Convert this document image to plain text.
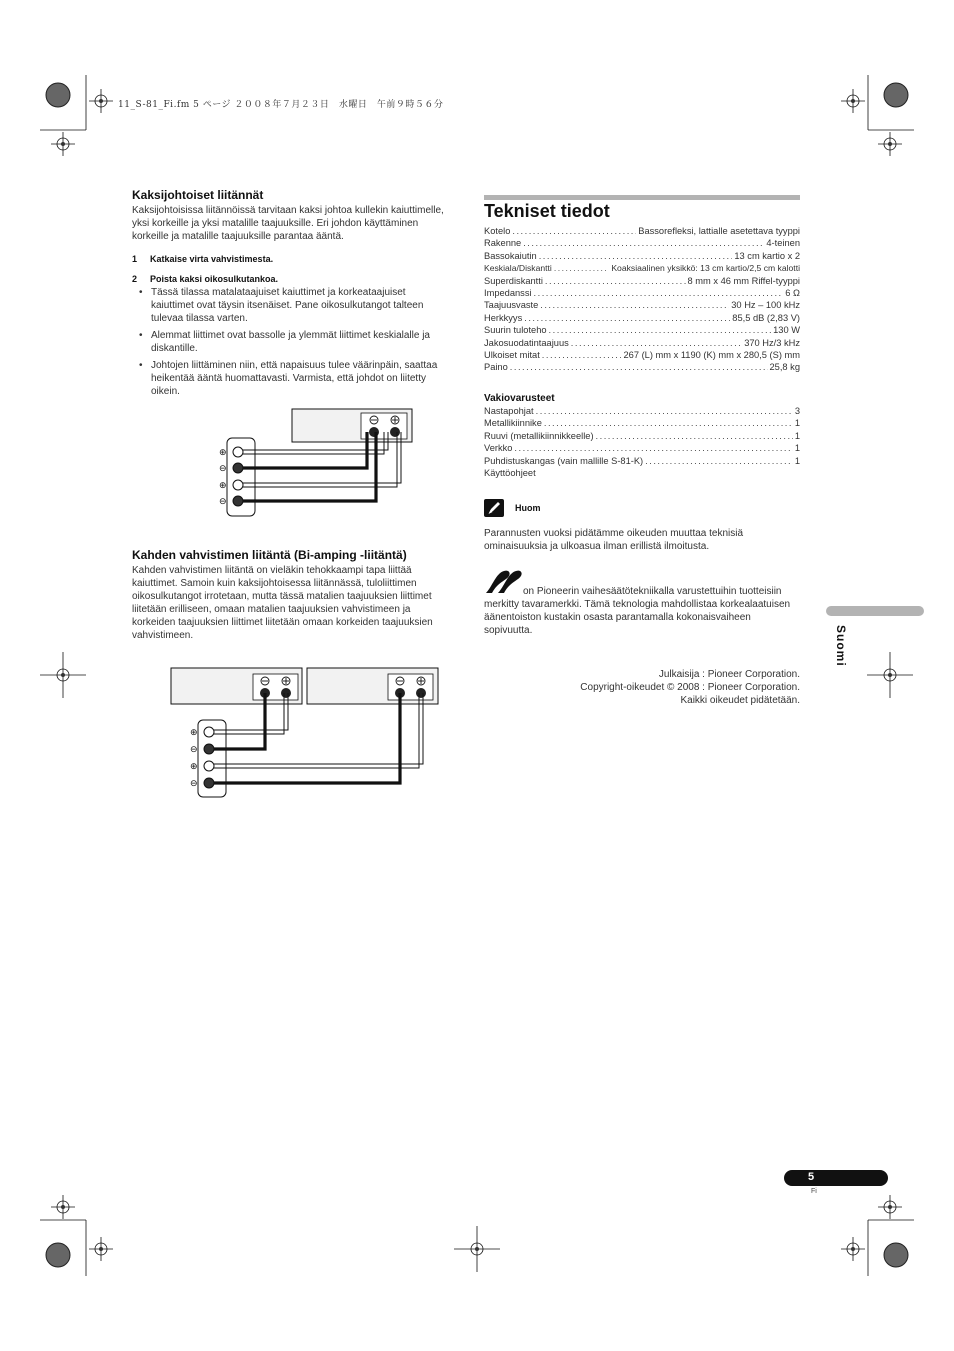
11_S-81_Fi.fm 5 ページ ２００８年７月２３日　水曜日　午前９時５６分
Kaksijohtoiset liitännät

Kaksijohtoisissa liitännöissä tarvitaan kaksi johtoa kullekin kaiuttimelle, yksi korkeille ja yksi matalille taajuuksille. Eri johdon käyttäminen korkeille ja matalille taajuuksille parantaa ääntä.

1 Katkaise virta vahvistimesta.
2 Poista kaksi oikosulkutankoa.
• Tässä tilassa matalataajuiset kaiuttimet ja korkeataajuiset kaiuttimet ovat täysin itsenäiset. Pane oikosulkutangot talteen tulevaa tilassa varten.
• Alemmat liittimet ovat bassolle ja ylemmät liittimet keskialalle ja diskantille.
• Johtojen liittäminen niin, että napaisuus tulee väärinpäin, saattaa heikentää ääntä huomattavasti. Varmista, että johdot on liitetty oikein.
⊕
⊖
⊕
⊖
Kahden vahvistimen liitäntä (Bi-amping -liitäntä)

Kahden vahvistimen liitäntä on vieläkin tehokkaampi tapa liittää kaiuttimet. Samoin kuin kaksijohtoisessa liitännässä, tuloliittimen oikosulkutangot irrotetaan, mutta tässä matalien taajuuksien liittimet liitetään erilliseen, omaan matalien taajuuksien vahvistimeen ja korkeiden taajuuksien liittimet liitetään omaan korkeiden taajuuksien vahvistimeen.

⊕
⊖
⊕
⊖
Tekniset tiedot
Kotelo .....	Bassorefleksi, lattialle asetettava tyyppi
Rakenne .....	4-teinen
Bassokaiutin .....	13 cm kartio x 2
Keskiala/Diskantti .....	Koaksiaalinen yksikkö: 13 cm kartio/2,5 cm kalotti
Superdiskantti .....	8 mm x 46 mm Riffel-tyyppi
Impedanssi .....	6 Ω
Taajuusvaste .....	30 Hz – 100 kHz
Herkkyys .....	85,5 dB (2,83 V)
Suurin tuloteho .....	130 W
Jakosuodatintaajuus .....	370 Hz/3 kHz
Ulkoiset mitat .....	267 (L) mm x 1190 (K) mm x 280,5 (S) mm
Paino .....	25,8 kg
Vakiovarusteet
Nastapohjat .....	3
Metallikiinnike .....	1
Ruuvi (metallikiinnikkeelle) .....	1
Verkko .....	1
Puhdistuskangas (vain mallille S-81-K) .....	1
Käyttöohjeet
Huom

Parannusten vuoksi pidätämme oikeuden muuttaa teknisiä ominaisuuksia ja ulkoasua ilman erillistä ilmoitusta.

on Pioneerin vaihesäätötekniikalla varustettuihin tuotteisiin merkitty tavaramerkki. Tämä teknologia mahdollistaa korkealaatuisen äänentoiston kustakin osasta parantamalla kokonaisvaiheen sopivuutta.

Julkaisija : Pioneer Corporation.
Copyright-oikeudet © 2008 : Pioneer Corporation.
Kaikki oikeudet pidätetään.
Suomi
5
Fi
